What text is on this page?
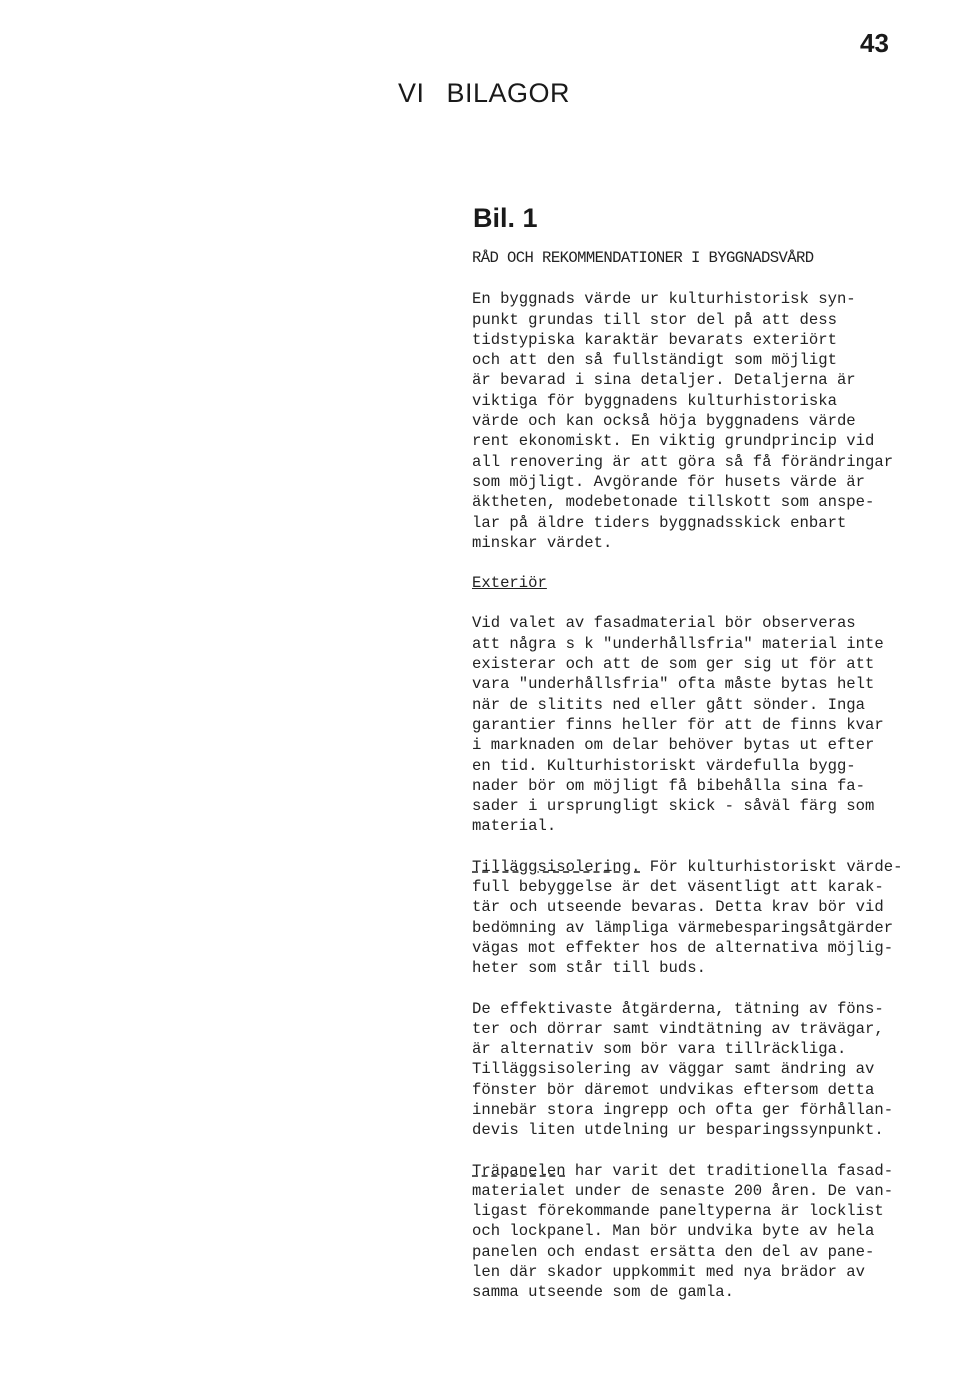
43
VI BILAGOR
Bil. 1

RÅD OCH REKOMMENDATIONER I BYGGNADSVÅRD

En byggnads värde ur kulturhistorisk syn-

punkt grundas till stor del på att dess

tidstypiska karaktär bevarats exteriört

och att den så fullständigt som möjligt

är bevarad i sina detaljer. Detaljerna är

viktiga för byggnadens kulturhistoriska

värde och kan också höja byggnadens värde

rent ekonomiskt. En viktig grundprincip vid

all renovering är att göra så få förändringar

som möjligt. Avgörande för husets värde är

äktheten, modebetonade tillskott som anspe-

lar på äldre tiders byggnadsskick enbart

minskar värdet.

Exteriör

Vid valet av fasadmaterial bör observeras

att några s k "underhållsfria" material inte

existerar och att de som ger sig ut för att

vara "underhållsfria" ofta måste bytas helt

när de slitits ned eller gått sönder. Inga

garantier finns heller för att de finns kvar

i marknaden om delar behöver bytas ut efter

en tid. Kulturhistoriskt värdefulla bygg-

nader bör om möjligt få bibehålla sina fa-

sader i ursprungligt skick - såväl färg som

material.

Tilläggsisolering. För kulturhistoriskt värde-

full bebyggelse är det väsentligt att karak-

tär och utseende bevaras. Detta krav bör vid

bedömning av lämpliga värmebesparingsåtgärder

vägas mot effekter hos de alternativa möjlig-

heter som står till buds.

De effektivaste åtgärderna, tätning av föns-

ter och dörrar samt vindtätning av trävägar,

är alternativ som bör vara tillräckliga.

Tilläggsisolering av väggar samt ändring av

fönster bör däremot undvikas eftersom detta

innebär stora ingrepp och ofta ger förhållan-

devis liten utdelning ur besparingssynpunkt.

Träpanelen har varit det traditionella fasad-

materialet under de senaste 200 åren. De van-

ligast förekommande paneltyperna är locklist

och lockpanel. Man bör undvika byte av hela

panelen och endast ersätta den del av pane-

len där skador uppkommit med nya brädor av

samma utseende som de gamla.
